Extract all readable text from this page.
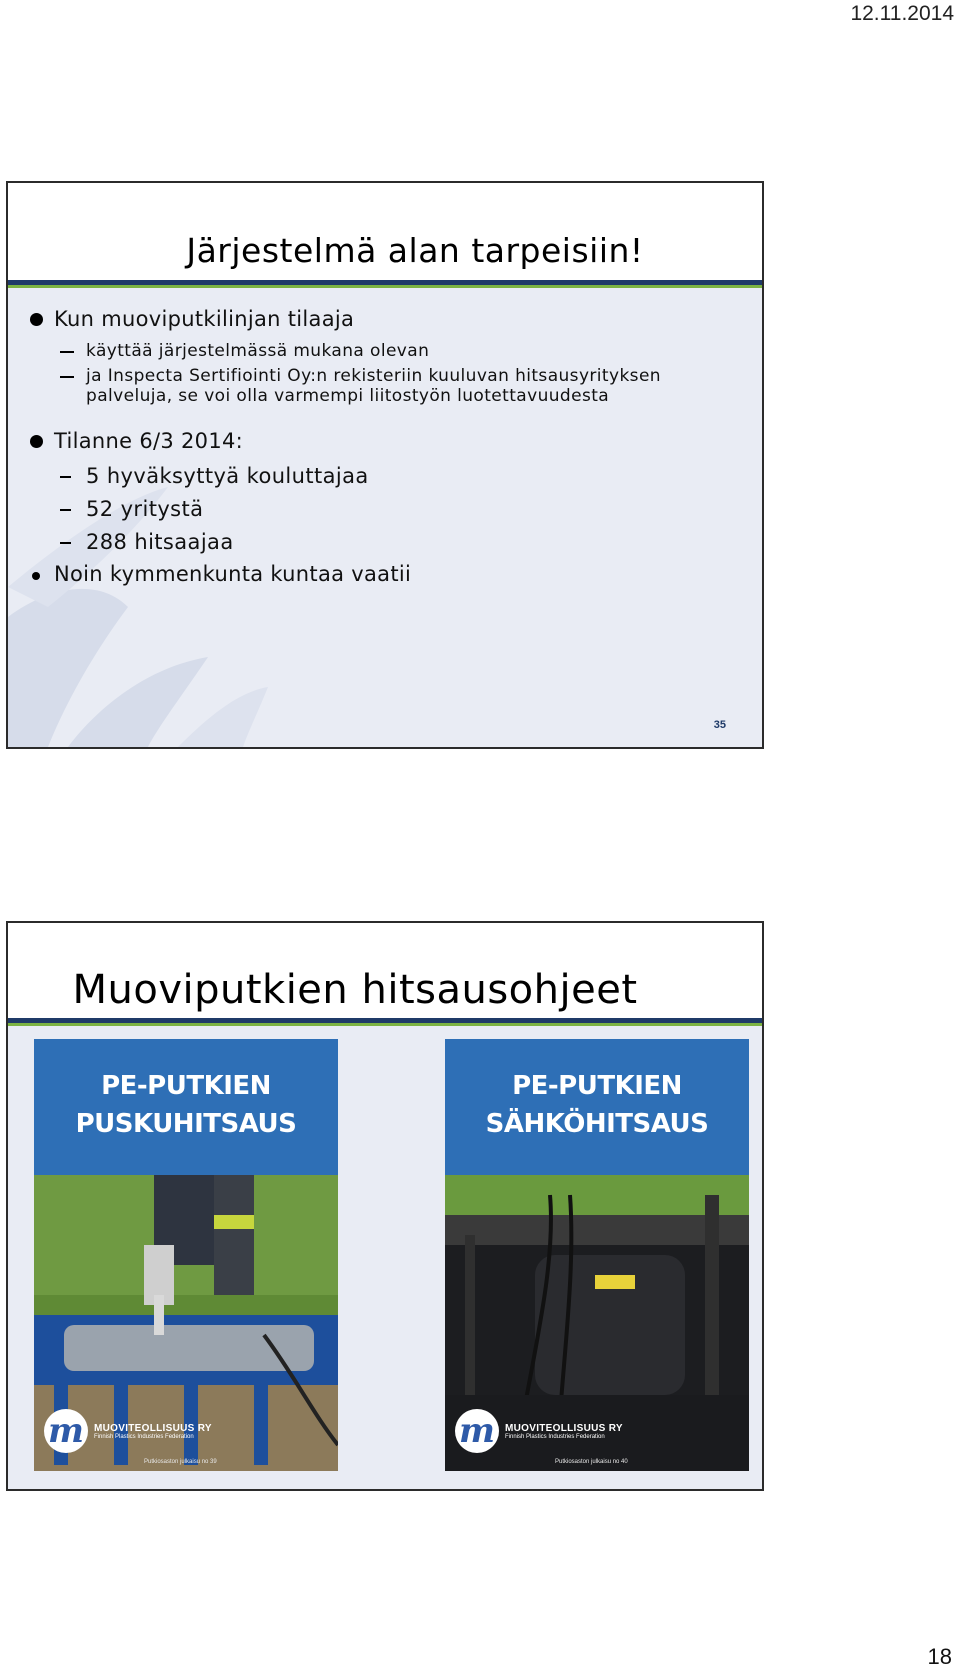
12.11.2014
Järjestelmä alan tarpeisiin!
Kun muoviputkilinjan tilaaja
käyttää järjestelmässä mukana olevan
ja Inspecta Sertifiointi Oy:n rekisteriin kuuluvan hitsausyrityksen palveluja, se voi olla varmempi liitostyön luotettavuudesta
Tilanne 6/3 2014:
5 hyväksyttyä kouluttajaa
52 yritystä
288 hitsaajaa
Noin kymmenkunta kuntaa vaatii
35
Muoviputkien hitsausohjeet
PE-PUTKIEN
PUSKUHITSAUS
m	MUOVITEOLLISUUS RY
Finnish Plastics Industries Federation
Putkiosaston julkaisu no 39
PE-PUTKIEN
SÄHKÖHITSAUS
m	MUOVITEOLLISUUS RY
Finnish Plastics Industries Federation
Putkiosaston julkaisu no 40
18
